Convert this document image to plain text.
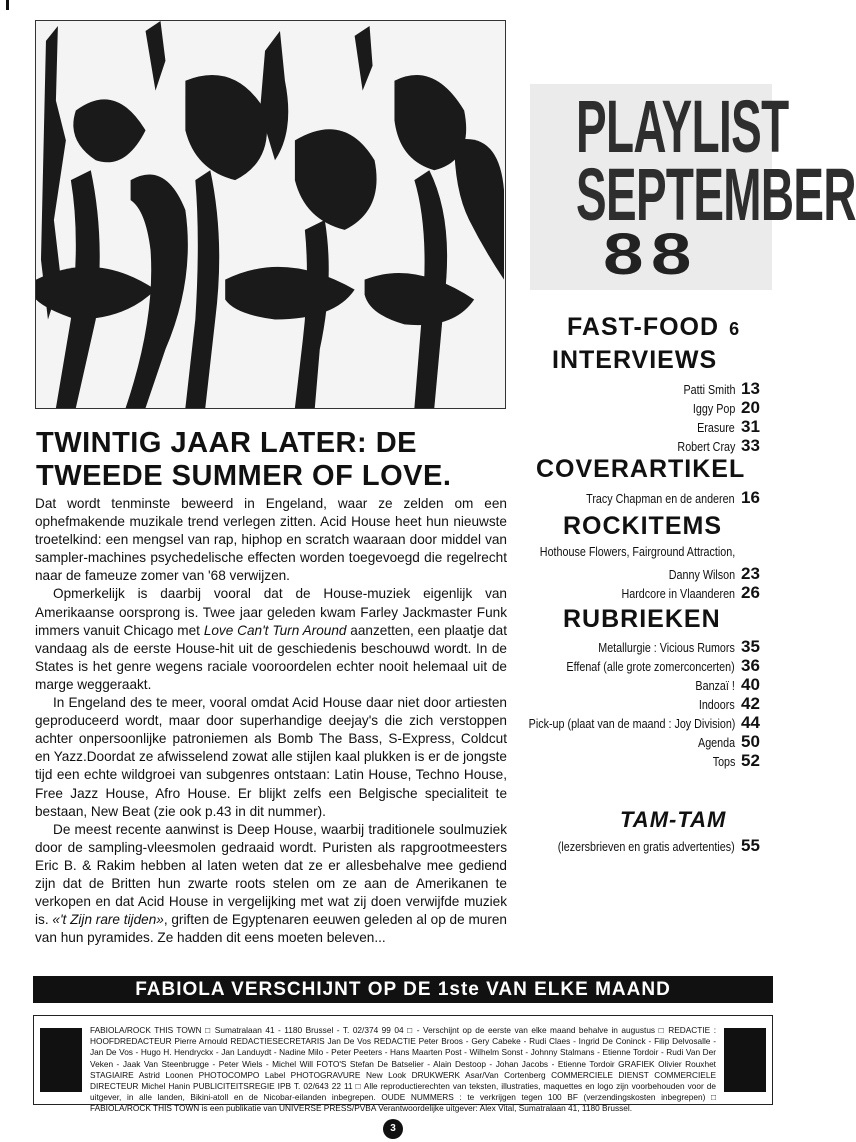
PLAYLIST
SEPTEMBER
88
FAST-FOOD 6
INTERVIEWS
Patti Smith 13
Iggy Pop 20
Erasure 31
Robert Cray 33
COVERARTIKEL
Tracy Chapman en de anderen 16
ROCKITEMS
Hothouse Flowers, Fairground Attraction,
Danny Wilson 23
Hardcore in Vlaanderen 26
RUBRIEKEN
Metallurgie : Vicious Rumors 35
Effenaf (alle grote zomerconcerten) 36
Banzaï ! 40
Indoors 42
Pick-up (plaat van de maand : Joy Division) 44
Agenda 50
Tops 52
TAM-TAM
(lezersbrieven en gratis advertenties) 55
TWINTIG JAAR LATER: DE TWEEDE SUMMER OF LOVE.

Dat wordt tenminste beweerd in Engeland, waar ze zelden om een ophefmakende muzikale trend verlegen zitten. Acid House heet hun nieuwste troetelkind: een mengsel van rap, hiphop en scratch waaraan door middel van sampler-machines psychedelische effecten worden toegevoegd die regelrecht naar de fameuze zomer van '68 verwijzen.

Opmerkelijk is daarbij vooral dat de House-muziek eigenlijk van Amerikaanse oorsprong is. Twee jaar geleden kwam Farley Jackmaster Funk immers vanuit Chicago met Love Can't Turn Around aanzetten, een plaatje dat vandaag als de eerste House-hit uit de geschiedenis beschouwd wordt. In de States is het genre wegens raciale vooroordelen echter nooit helemaal uit de marge weggeraakt.

In Engeland des te meer, vooral omdat Acid House daar niet door artiesten geproduceerd wordt, maar door superhandige deejay's die zich verstoppen achter onpersoonlijke patroniemen als Bomb The Bass, S-Express, Coldcut en Yazz.Doordat ze afwisselend zowat alle stijlen kaal plukken is er de jongste tijd een echte wildgroei van subgenres ontstaan: Latin House, Techno House, Free Jazz House, Afro House. Er blijkt zelfs een Belgische specialiteit te bestaan, New Beat (zie ook p.43 in dit nummer).

De meest recente aanwinst is Deep House, waarbij traditionele soulmuziek door de sampling-vleesmolen gedraaid wordt. Puristen als rapgrootmeesters Eric B. & Rakim hebben al laten weten dat ze er allesbehalve mee gediend zijn dat de Britten hun zwarte roots stelen om ze aan de Amerikanen te verkopen en dat Acid House in vergelijking met wat zij doen verwijfde muziek is. «'t Zijn rare tijden», griften de Egyptenaren eeuwen geleden al op de muren van hun pyramides. Ze hadden dit eens moeten beleven...

FABIOLA VERSCHIJNT OP DE 1ste VAN ELKE MAAND
FABIOLA/ROCK THIS TOWN □ Sumatralaan 41 - 1180 Brussel - T. 02/374 99 04 □ - Verschijnt op de eerste van elke maand behalve in augustus □ REDACTIE : HOOFDREDACTEUR Pierre Arnould REDACTIESECRETARIS Jan De Vos REDACTIE Peter Broos - Gery Cabeke - Rudi Claes - Ingrid De Coninck - Filip Delvosalle - Jan De Vos - Hugo H. Hendryckx - Jan Landuydt - Nadine Milo - Peter Peeters - Hans Maarten Post - Wilhelm Sonst - Johnny Stalmans - Etienne Tordoir - Rudi Van Der Veken - Jaak Van Steenbrugge - Peter Wiels - Michel Will FOTO'S Stefan De Batselier - Alain Destoop - Johan Jacobs - Etienne Tordoir GRAFIEK Olivier Rouxhet STAGIAIRE Astrid Loonen PHOTOCOMPO Label PHOTOGRAVURE New Look DRUKWERK Asar/Van Cortenberg COMMERCIELE DIENST COMMERCIELE DIRECTEUR Michel Hanin PUBLICITEITSREGIE IPB T. 02/643 22 11 □ Alle reproductierechten van teksten, illustraties, maquettes en logo zijn voorbehouden voor de uitgever, in alle landen, Bikini-atoll en de Nicobar-eilanden inbegrepen. OUDE NUMMERS : te verkrijgen tegen 100 BF (verzendingskosten inbegrepen) □ FABIOLA/ROCK THIS TOWN is een publikatie van UNIVERSE PRESS/PVBA Verantwoordelijke uitgever: Alex Vital, Sumatralaan 41, 1180 Brussel.
3
